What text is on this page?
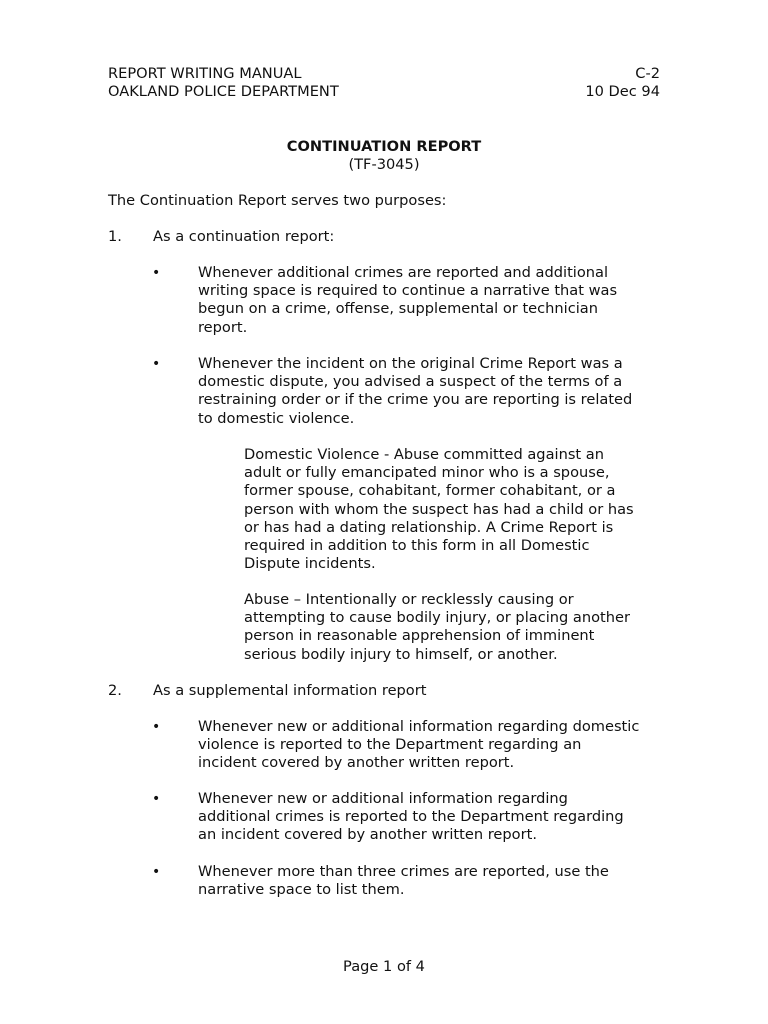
REPORT WRITING MANUAL	C-2
OAKLAND POLICE DEPARTMENT	10 Dec 94
CONTINUATION REPORT
(TF-3045)
The Continuation Report serves two purposes:
1. As a continuation report:
•	Whenever additional crimes are reported and additional
writing space is required to continue a narrative that was
begun on a crime, offense, supplemental or technician
report.
•	Whenever the incident on the original Crime Report was a
domestic dispute, you advised a suspect of the terms of a
restraining order or if the crime you are reporting is related
to domestic violence.
Domestic Violence - Abuse committed against an
adult or fully emancipated minor who is a spouse,
former spouse, cohabitant, former cohabitant, or a
person with whom the suspect has had a child or has
or has had a dating relationship. A Crime Report is
required in addition to this form in all Domestic
Dispute incidents.
Abuse – Intentionally or recklessly causing or
attempting to cause bodily injury, or placing another
person in reasonable apprehension of imminent
serious bodily injury to himself, or another.
2. As a supplemental information report
•	Whenever new or additional information regarding domestic
violence is reported to the Department regarding an
incident covered by another written report.
•	Whenever new or additional information regarding
additional crimes is reported to the Department regarding
an incident covered by another written report.
•	Whenever more than three crimes are reported, use the
narrative space to list them.
Page 1 of 4
